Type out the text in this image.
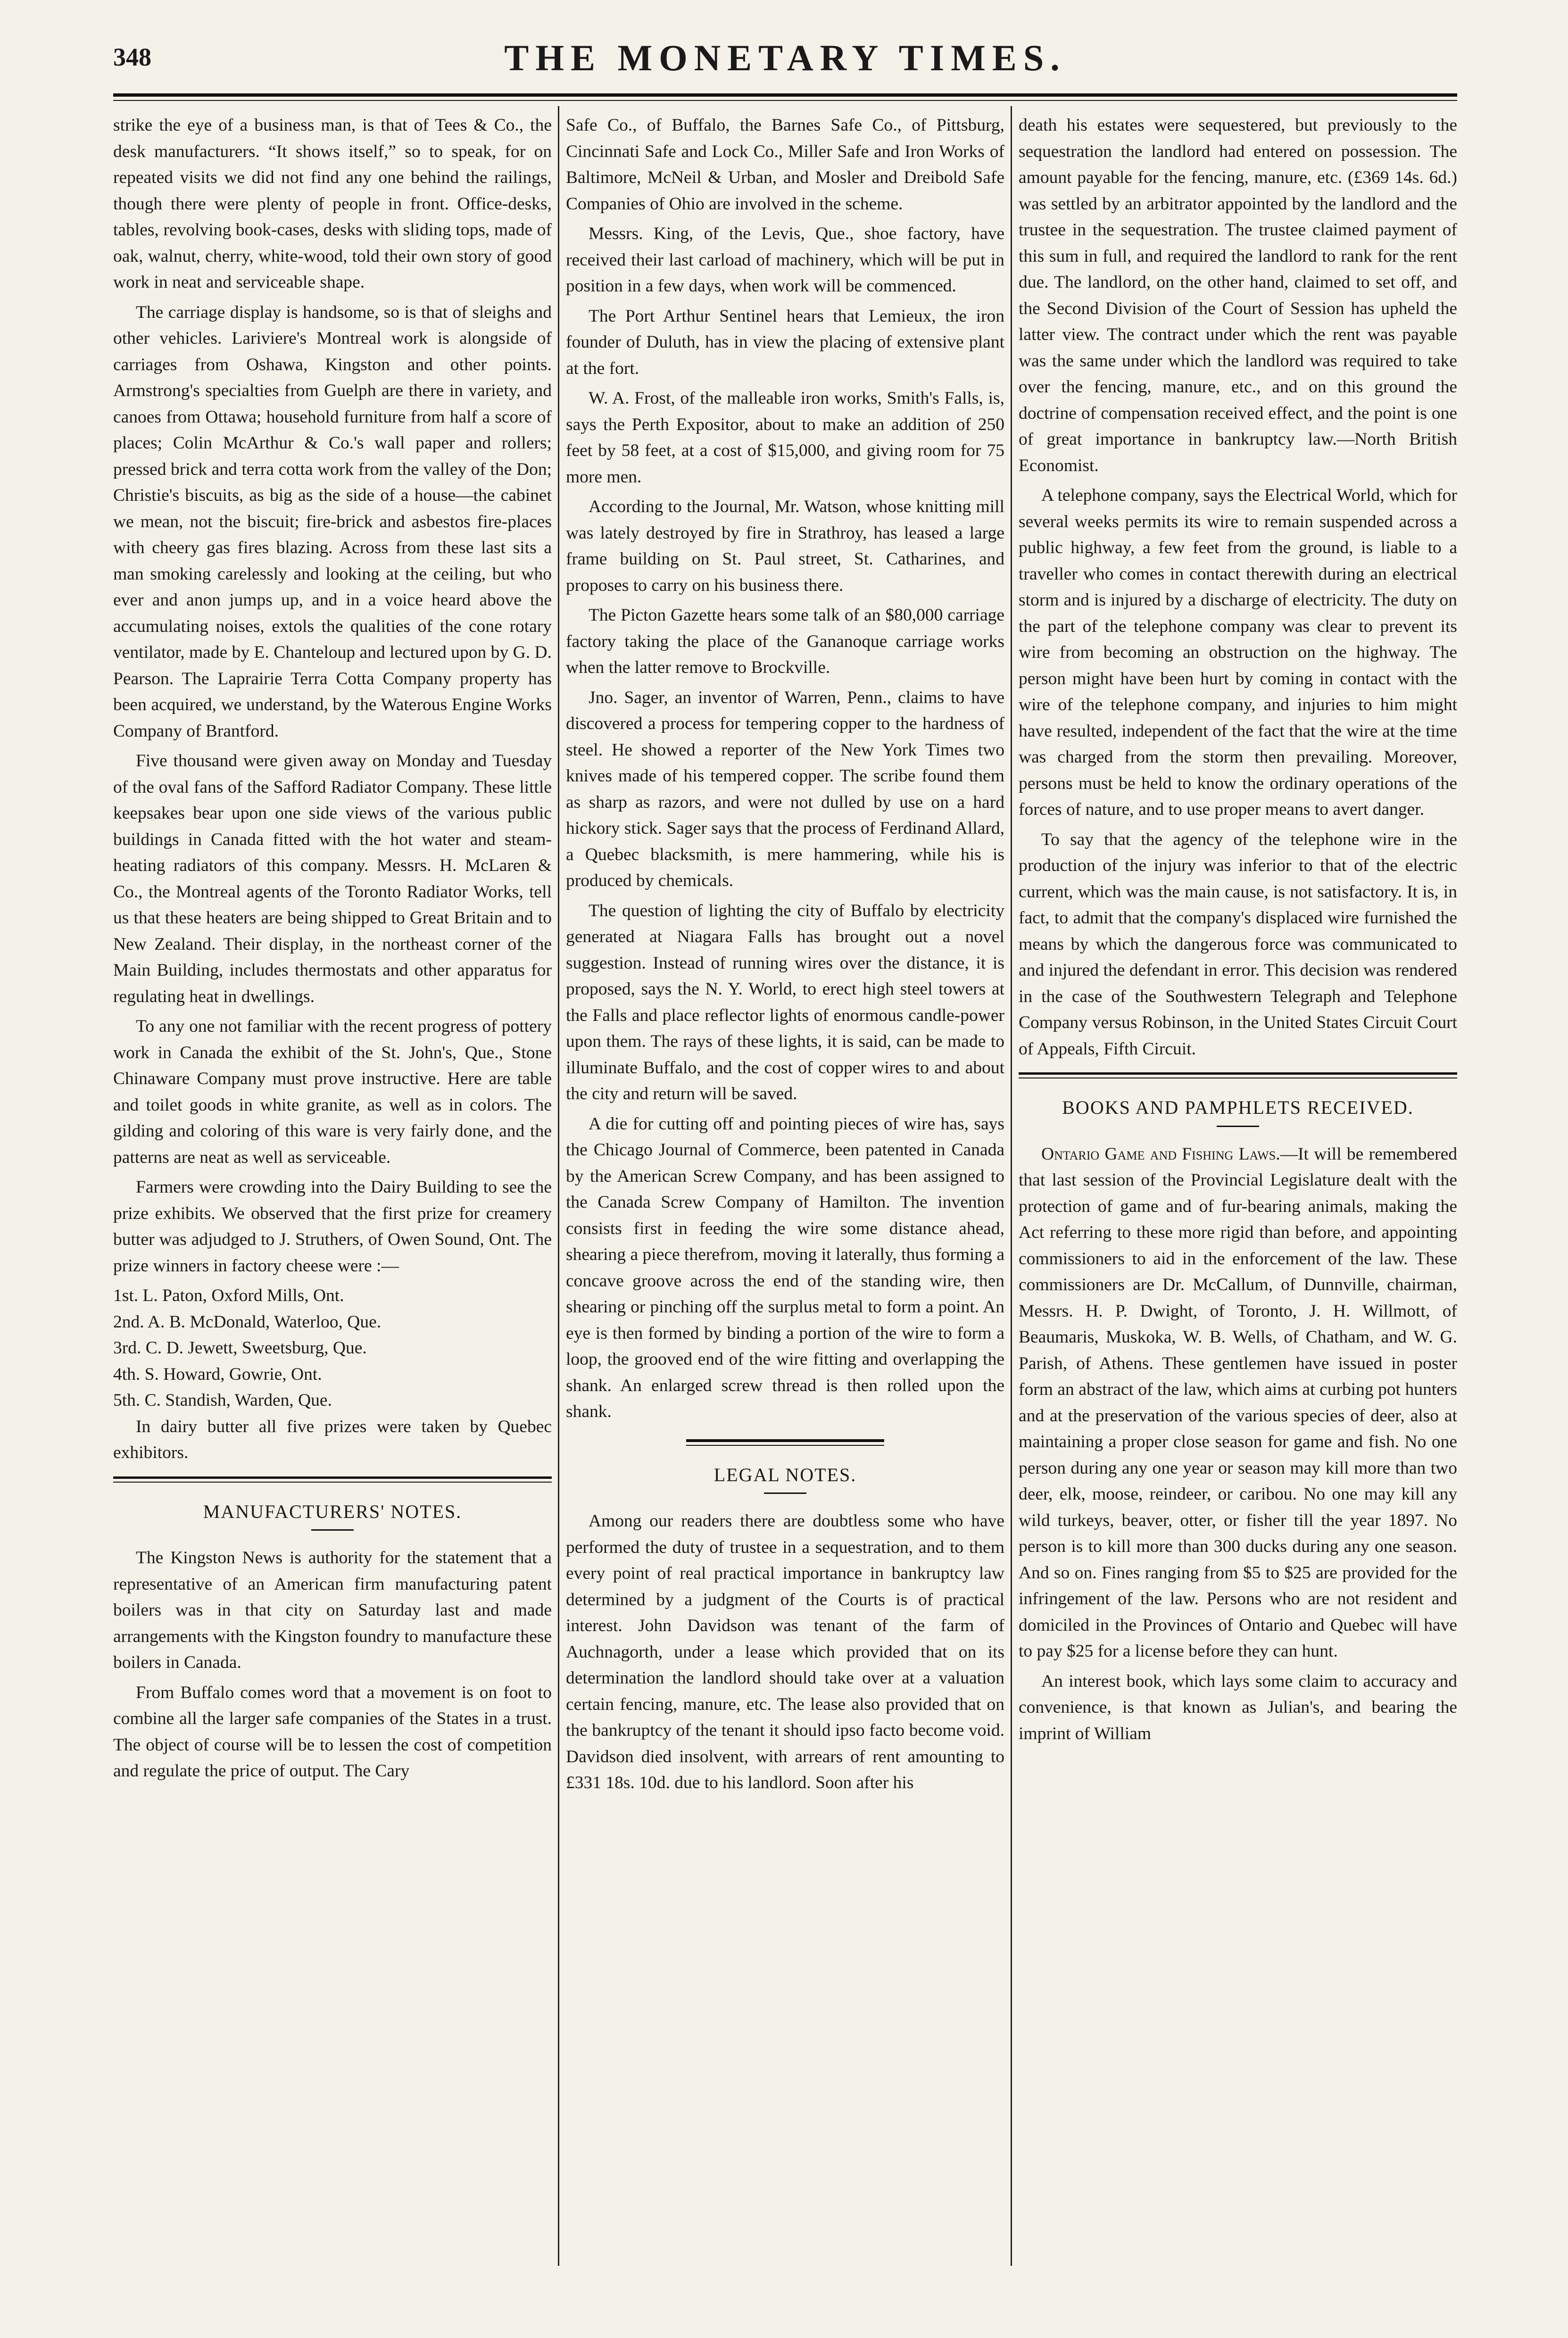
348	THE MONETARY TIMES.

strike the eye of a business man, is that of Tees & Co., the desk manufacturers. “It shows itself,” so to speak, for on repeated visits we did not find any one behind the railings, though there were plenty of people in front. Office-desks, tables, revolving book-cases, desks with sliding tops, made of oak, walnut, cherry, white-wood, told their own story of good work in neat and serviceable shape.

The carriage display is handsome, so is that of sleighs and other vehicles. Lariviere's Montreal work is alongside of carriages from Oshawa, Kingston and other points. Armstrong's specialties from Guelph are there in variety, and canoes from Ottawa; household furniture from half a score of places; Colin McArthur & Co.'s wall paper and rollers; pressed brick and terra cotta work from the valley of the Don; Christie's biscuits, as big as the side of a house—the cabinet we mean, not the biscuit; fire-brick and asbestos fire-places with cheery gas fires blazing. Across from these last sits a man smoking carelessly and looking at the ceiling, but who ever and anon jumps up, and in a voice heard above the accumulating noises, extols the qualities of the cone rotary ventilator, made by E. Chanteloup and lectured upon by G. D. Pearson. The Laprairie Terra Cotta Company property has been acquired, we understand, by the Waterous Engine Works Company of Brantford.

Five thousand were given away on Monday and Tuesday of the oval fans of the Safford Radiator Company. These little keepsakes bear upon one side views of the various public buildings in Canada fitted with the hot water and steam-heating radiators of this company. Messrs. H. McLaren & Co., the Montreal agents of the Toronto Radiator Works, tell us that these heaters are being shipped to Great Britain and to New Zealand. Their display, in the northeast corner of the Main Building, includes thermostats and other apparatus for regulating heat in dwellings.

To any one not familiar with the recent progress of pottery work in Canada the exhibit of the St. John's, Que., Stone Chinaware Company must prove instructive. Here are table and toilet goods in white granite, as well as in colors. The gilding and coloring of this ware is very fairly done, and the patterns are neat as well as serviceable.

Farmers were crowding into the Dairy Building to see the prize exhibits. We observed that the first prize for creamery butter was adjudged to J. Struthers, of Owen Sound, Ont. The prize winners in factory cheese were :—

1st. L. Paton, Oxford Mills, Ont.

2nd. A. B. McDonald, Waterloo, Que.

3rd. C. D. Jewett, Sweetsburg, Que.

4th. S. Howard, Gowrie, Ont.

5th. C. Standish, Warden, Que.

In dairy butter all five prizes were taken by Quebec exhibitors.

MANUFACTURERS' NOTES.

The Kingston News is authority for the statement that a representative of an American firm manufacturing patent boilers was in that city on Saturday last and made arrangements with the Kingston foundry to manufacture these boilers in Canada.

From Buffalo comes word that a movement is on foot to combine all the larger safe companies of the States in a trust. The object of course will be to lessen the cost of competition and regulate the price of output. The Cary

Safe Co., of Buffalo, the Barnes Safe Co., of Pittsburg, Cincinnati Safe and Lock Co., Miller Safe and Iron Works of Baltimore, McNeil & Urban, and Mosler and Dreibold Safe Companies of Ohio are involved in the scheme.

Messrs. King, of the Levis, Que., shoe factory, have received their last carload of machinery, which will be put in position in a few days, when work will be commenced.

The Port Arthur Sentinel hears that Lemieux, the iron founder of Duluth, has in view the placing of extensive plant at the fort.

W. A. Frost, of the malleable iron works, Smith's Falls, is, says the Perth Expositor, about to make an addition of 250 feet by 58 feet, at a cost of $15,000, and giving room for 75 more men.

According to the Journal, Mr. Watson, whose knitting mill was lately destroyed by fire in Strathroy, has leased a large frame building on St. Paul street, St. Catharines, and proposes to carry on his business there.

The Picton Gazette hears some talk of an $80,000 carriage factory taking the place of the Gananoque carriage works when the latter remove to Brockville.

Jno. Sager, an inventor of Warren, Penn., claims to have discovered a process for tempering copper to the hardness of steel. He showed a reporter of the New York Times two knives made of his tempered copper. The scribe found them as sharp as razors, and were not dulled by use on a hard hickory stick. Sager says that the process of Ferdinand Allard, a Quebec blacksmith, is mere hammering, while his is produced by chemicals.

The question of lighting the city of Buffalo by electricity generated at Niagara Falls has brought out a novel suggestion. Instead of running wires over the distance, it is proposed, says the N. Y. World, to erect high steel towers at the Falls and place reflector lights of enormous candle-power upon them. The rays of these lights, it is said, can be made to illuminate Buffalo, and the cost of copper wires to and about the city and return will be saved.

A die for cutting off and pointing pieces of wire has, says the Chicago Journal of Commerce, been patented in Canada by the American Screw Company, and has been assigned to the Canada Screw Company of Hamilton. The invention consists first in feeding the wire some distance ahead, shearing a piece therefrom, moving it laterally, thus forming a concave groove across the end of the standing wire, then shearing or pinching off the surplus metal to form a point. An eye is then formed by binding a portion of the wire to form a loop, the grooved end of the wire fitting and overlapping the shank. An enlarged screw thread is then rolled upon the shank.

LEGAL NOTES.

Among our readers there are doubtless some who have performed the duty of trustee in a sequestration, and to them every point of real practical importance in bankruptcy law determined by a judgment of the Courts is of practical interest. John Davidson was tenant of the farm of Auchnagorth, under a lease which provided that on its determination the landlord should take over at a valuation certain fencing, manure, etc. The lease also provided that on the bankruptcy of the tenant it should ipso facto become void. Davidson died insolvent, with arrears of rent amounting to £331 18s. 10d. due to his landlord. Soon after his

death his estates were sequestered, but previously to the sequestration the landlord had entered on possession. The amount payable for the fencing, manure, etc. (£369 14s. 6d.) was settled by an arbitrator appointed by the landlord and the trustee in the sequestration. The trustee claimed payment of this sum in full, and required the landlord to rank for the rent due. The landlord, on the other hand, claimed to set off, and the Second Division of the Court of Session has upheld the latter view. The contract under which the rent was payable was the same under which the landlord was required to take over the fencing, manure, etc., and on this ground the doctrine of compensation received effect, and the point is one of great importance in bankruptcy law.—North British Economist.

A telephone company, says the Electrical World, which for several weeks permits its wire to remain suspended across a public highway, a few feet from the ground, is liable to a traveller who comes in contact therewith during an electrical storm and is injured by a discharge of electricity. The duty on the part of the telephone company was clear to prevent its wire from becoming an obstruction on the highway. The person might have been hurt by coming in contact with the wire of the telephone company, and injuries to him might have resulted, independent of the fact that the wire at the time was charged from the storm then prevailing. Moreover, persons must be held to know the ordinary operations of the forces of nature, and to use proper means to avert danger.

To say that the agency of the telephone wire in the production of the injury was inferior to that of the electric current, which was the main cause, is not satisfactory. It is, in fact, to admit that the company's displaced wire furnished the means by which the dangerous force was communicated to and injured the defendant in error. This decision was rendered in the case of the Southwestern Telegraph and Telephone Company versus Robinson, in the United States Circuit Court of Appeals, Fifth Circuit.

BOOKS AND PAMPHLETS RECEIVED.

Ontario Game and Fishing Laws.—It will be remembered that last session of the Provincial Legislature dealt with the protection of game and of fur-bearing animals, making the Act referring to these more rigid than before, and appointing commissioners to aid in the enforcement of the law. These commissioners are Dr. McCallum, of Dunnville, chairman, Messrs. H. P. Dwight, of Toronto, J. H. Willmott, of Beaumaris, Muskoka, W. B. Wells, of Chatham, and W. G. Parish, of Athens. These gentlemen have issued in poster form an abstract of the law, which aims at curbing pot hunters and at the preservation of the various species of deer, also at maintaining a proper close season for game and fish. No one person during any one year or season may kill more than two deer, elk, moose, reindeer, or caribou. No one may kill any wild turkeys, beaver, otter, or fisher till the year 1897. No person is to kill more than 300 ducks during any one season. And so on. Fines ranging from $5 to $25 are provided for the infringement of the law. Persons who are not resident and domiciled in the Provinces of Ontario and Quebec will have to pay $25 for a license before they can hunt.

An interest book, which lays some claim to accuracy and convenience, is that known as Julian's, and bearing the imprint of William
